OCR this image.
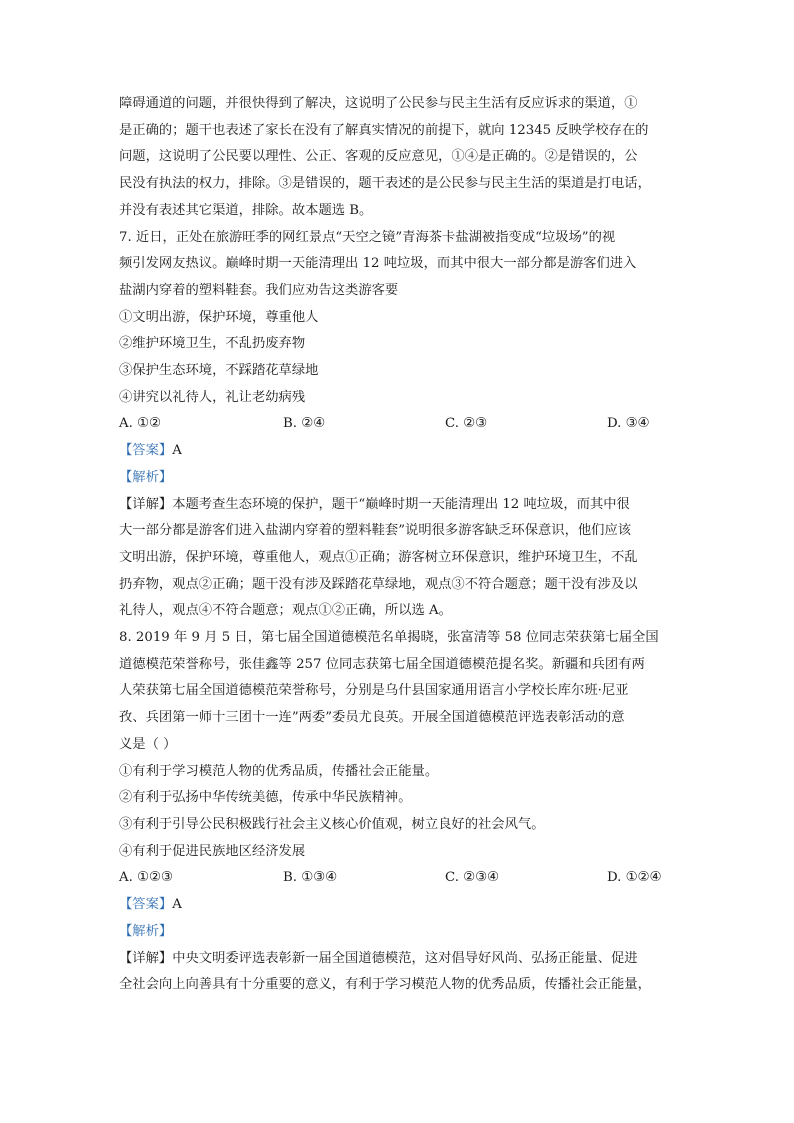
障碍通道的问题，并很快得到了解决，这说明了公民参与民主生活有反应诉求的渠道，①

是正确的；题干也表述了家长在没有了解真实情况的前提下，就向 12345 反映学校存在的

问题，这说明了公民要以理性、公正、客观的反应意见，①④是正确的。②是错误的，公

民没有执法的权力，排除。③是错误的，题干表述的是公民参与民主生活的渠道是打电话，

并没有表述其它渠道，排除。故本题选 B。

7. 近日，正处在旅游旺季的网红景点“天空之镜”青海茶卡盐湖被指变成“垃圾场”的视

频引发网友热议。巅峰时期一天能清理出 12 吨垃圾，而其中很大一部分都是游客们进入

盐湖内穿着的塑料鞋套。我们应劝告这类游客要

①文明出游，保护环境，尊重他人

②维护环境卫生，不乱扔废弃物

③保护生态环境，不踩踏花草绿地

④讲究以礼待人，礼让老幼病残

A. ①②	B. ②④	C. ②③	D. ③④

【答案】A

【解析】

【详解】本题考查生态环境的保护，题干“巅峰时期一天能清理出 12 吨垃圾，而其中很

大一部分都是游客们进入盐湖内穿着的塑料鞋套”说明很多游客缺乏环保意识，他们应该

文明出游，保护环境，尊重他人，观点①正确；游客树立环保意识，维护环境卫生，不乱

扔弃物，观点②正确；题干没有涉及踩踏花草绿地，观点③不符合题意；题干没有涉及以

礼待人，观点④不符合题意；观点①②正确，所以选 A。

8. 2019 年 9 月 5 日，第七届全国道德模范名单揭晓，张富清等 58 位同志荣获第七届全国

道德模范荣誉称号，张佳鑫等 257 位同志获第七届全国道德模范提名奖。新疆和兵团有两

人荣获第七届全国道德模范荣誉称号，分别是乌什县国家通用语言小学校长库尔班·尼亚

孜、兵团第一师十三团十一连”两委”委员尤良英。开展全国道德模范评选表彰活动的意

义是（ ）

①有利于学习模范人物的优秀品质，传播社会正能量。

②有利于弘扬中华传统美德，传承中华民族精神。

③有利于引导公民积极践行社会主义核心价值观，树立良好的社会风气。

④有利于促进民族地区经济发展

A. ①②③	B. ①③④	C. ②③④	D. ①②④

【答案】A

【解析】

【详解】中央文明委评选表彰新一届全国道德模范，这对倡导好风尚、弘扬正能量、促进

全社会向上向善具有十分重要的意义，有利于学习模范人物的优秀品质，传播社会正能量，
